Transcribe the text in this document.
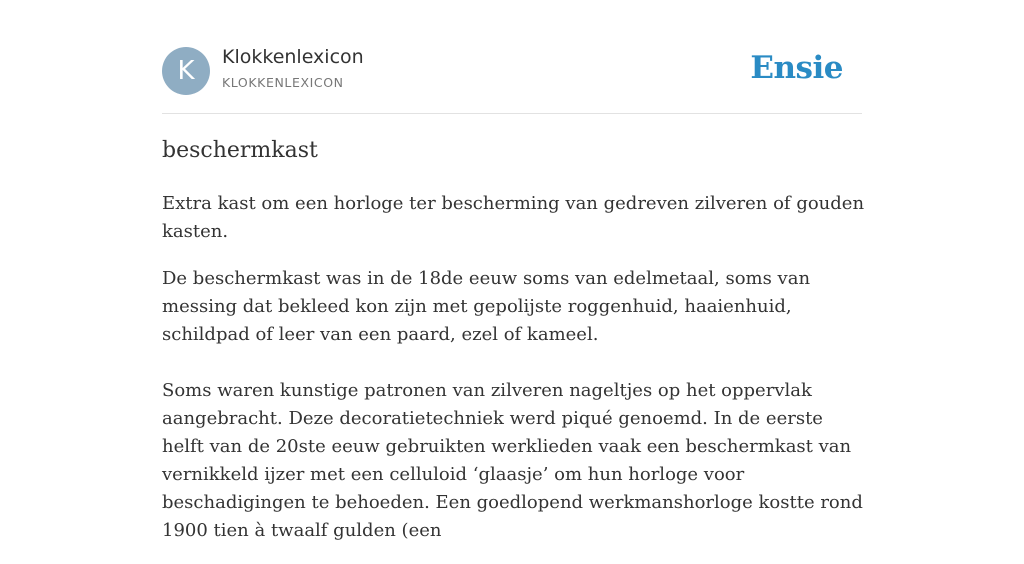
K	Klokkenlexicon
KLOKKENLEXICON	Ensie
beschermkast

Extra kast om een horloge ter bescherming van gedreven zilveren of gouden kasten.

De beschermkast was in de 18de eeuw soms van edelmetaal, soms van messing dat bekleed kon zijn met gepolijste roggenhuid, haaienhuid, schildpad of leer van een paard, ezel of kameel.

Soms waren kunstige patronen van zilveren nageltjes op het oppervlak aangebracht. Deze decoratietechniek werd piqué genoemd. In de eerste helft van de 20ste eeuw gebruikten werklieden vaak een beschermkast van vernikkeld ijzer met een celluloid ‘glaasje’ om hun horloge voor beschadigingen te behoeden. Een goedlopend werkmanshorloge kostte rond 1900 tien à twaalf gulden (een
